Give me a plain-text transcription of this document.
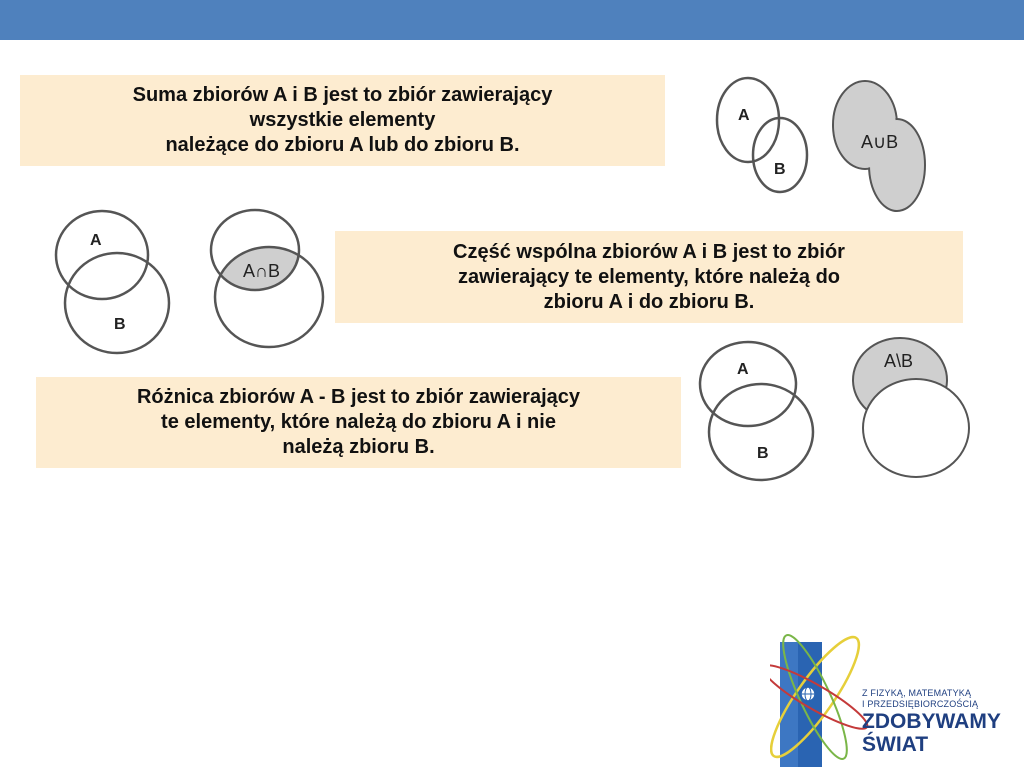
Suma zbiorów A i B jest to zbiór zawierający
wszystkie elementy
należące do zbioru A lub do zbioru B.
Część wspólna zbiorów A i B jest to zbiór
zawierający te elementy, które należą do
zbioru A i do zbioru B.
Różnica zbiorów A - B jest to zbiór zawierający
te elementy, które należą do zbioru A i nie
należą zbioru B.
A
B
A∪B
A
B
A∩B
A
B
A\B
Z FIZYKĄ, MATEMATYKĄ
I PRZEDSIĘBIORCZOŚCIĄ
ZDOBYWAMY
ŚWIAT
